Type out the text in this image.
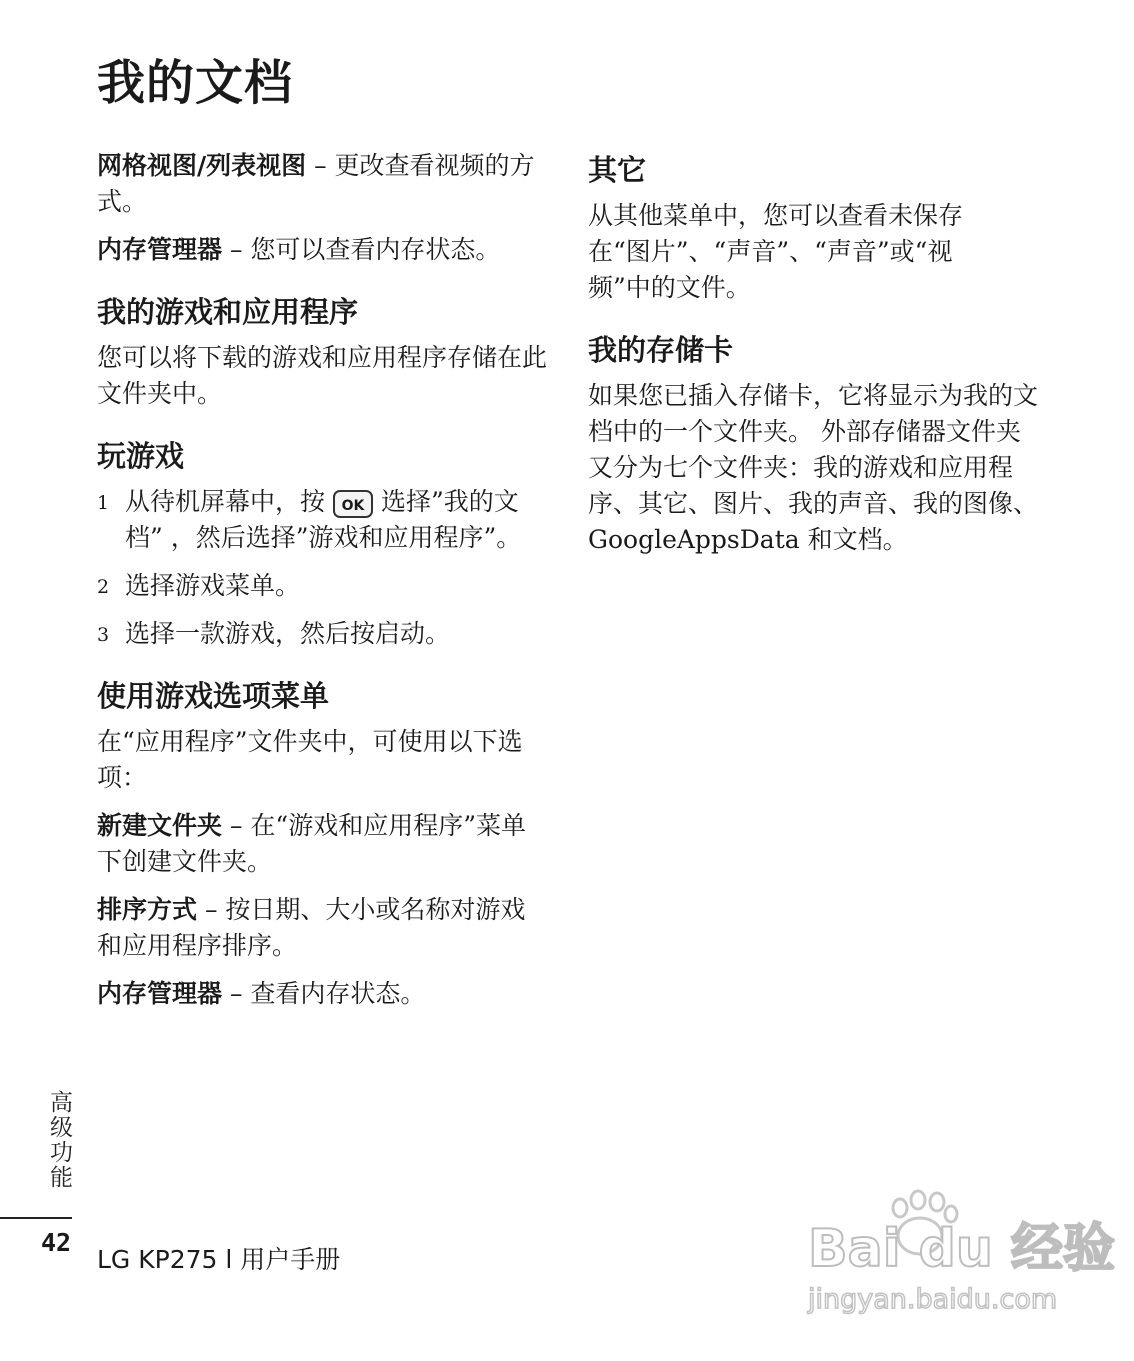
我的文档

网格视图/列表视图 – 更改查看视频的方式。

内存管理器 – 您可以查看内存状态。

我的游戏和应用程序

您可以将下载的游戏和应用程序存储在此文件夹中。

玩游戏
1 从待机屏幕中，按 OK 选择”我的文档” ，然后选择”游戏和应用程序”。
2 选择游戏菜单。
3 选择一款游戏，然后按启动。
使用游戏选项菜单

在“应用程序”文件夹中，可使用以下选项：

新建文件夹 – 在“游戏和应用程序”菜单下创建文件夹。

排序方式 – 按日期、大小或名称对游戏和应用程序排序。

内存管理器 – 查看内存状态。

其它

从其他菜单中，您可以查看未保存在“图片”、“声音”、“声音”或“视频”中的文件。

我的存储卡

如果您已插入存储卡，它将显示为我的文档中的一个文件夹。 外部存储器文件夹又分为七个文件夹：我的游戏和应用程序、其它、图片、我的声音、我的图像、GoogleAppsData 和文档。

高级功能
42
LG KP275 l 用户手册	Bai du 经验
jingyan.baidu.com
